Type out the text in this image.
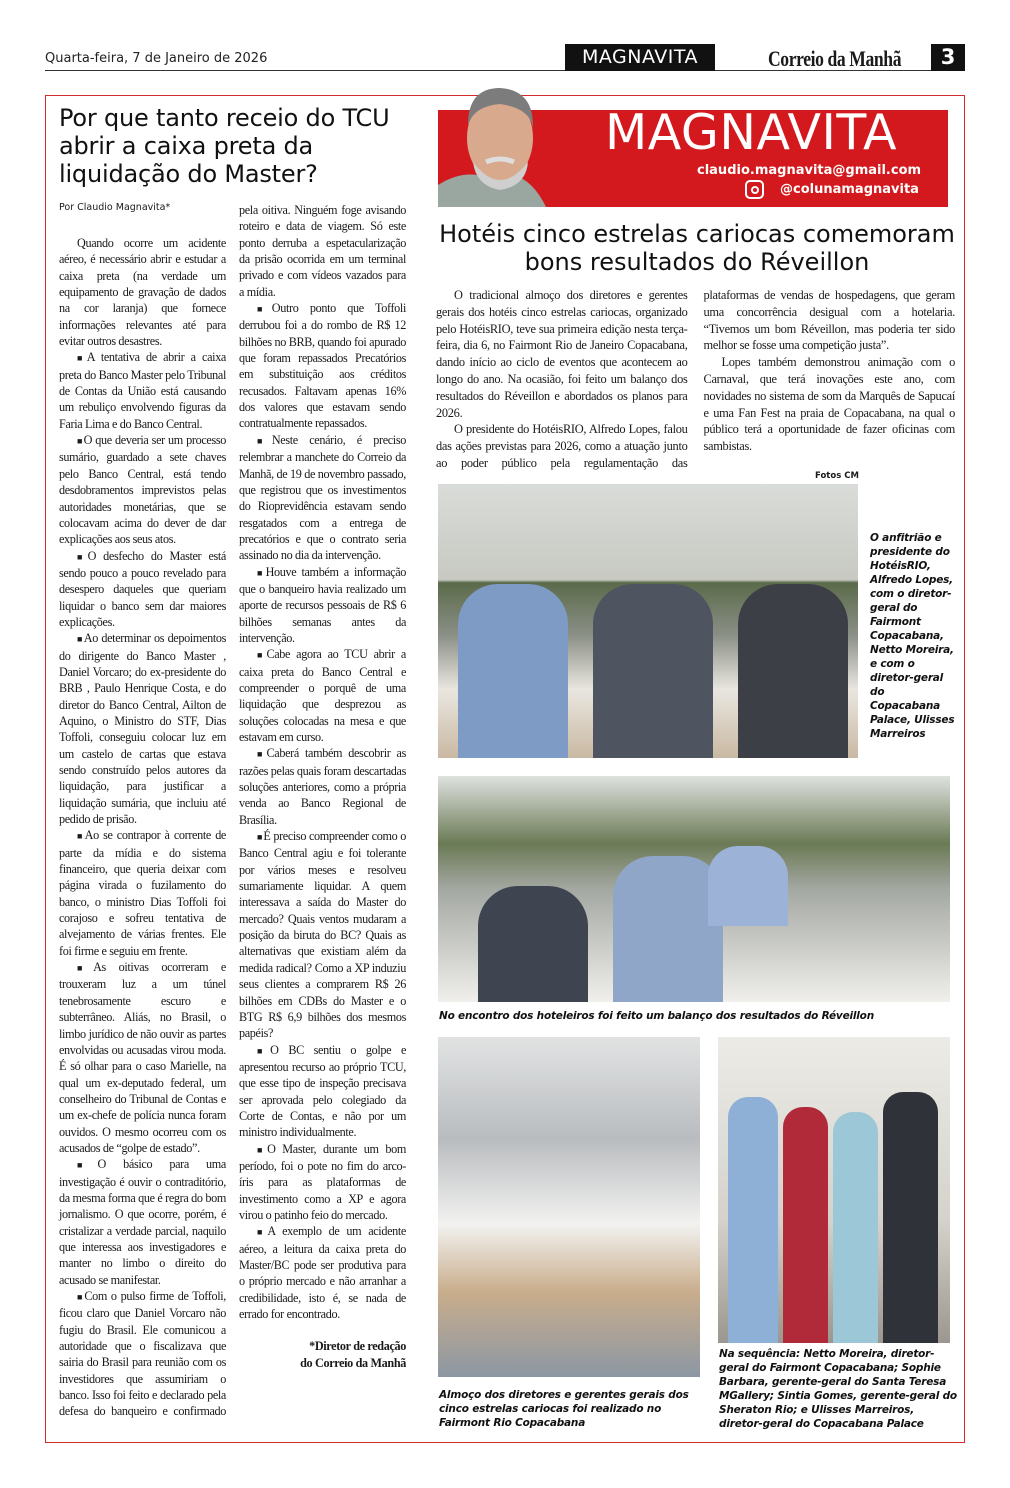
Quarta-feira, 7 de Janeiro de 2026	MAGNAVITA	Correio da Manhã	3
Por que tanto receio do TCU abrir a caixa preta da liquidação do Master?

Por Claudio Magnavita*

Quando ocorre um acidente aéreo, é necessário abrir e estudar a caixa preta (na verdade um equipamento de gravação de dados na cor laranja) que fornece informações relevantes até para evitar outros desastres.

■ A tentativa de abrir a caixa preta do Banco Master pelo Tribunal de Contas da União está causando um rebuliço envolvendo figuras da Faria Lima e do Banco Central.

■ O que deveria ser um processo sumário, guardado a sete chaves pelo Banco Central, está tendo desdobramentos imprevistos pelas autoridades monetárias, que se colocavam acima do dever de dar explicações aos seus atos.

■ O desfecho do Master está sendo pouco a pouco revelado para desespero daqueles que queriam liquidar o banco sem dar maiores explicações.

■ Ao determinar os depoimentos do dirigente do Banco Master , Daniel Vorcaro; do ex-presidente do BRB , Paulo Henrique Costa, e do diretor do Banco Central, Ailton de Aquino, o Ministro do STF, Dias Toffoli, conseguiu colocar luz em um castelo de cartas que estava sendo construído pelos autores da liquidação, para justificar a liquidação sumária, que incluiu até pedido de prisão.

■ Ao se contrapor à corrente de parte da mídia e do sistema financeiro, que queria deixar com página virada o fuzilamento do banco, o ministro Dias Toffoli foi corajoso e sofreu tentativa de alvejamento de várias frentes. Ele foi firme e seguiu em frente.

■ As oitivas ocorreram e trouxeram luz a um túnel tenebrosamente escuro e subterrâneo. Aliás, no Brasil, o limbo jurídico de não ouvir as partes envolvidas ou acusadas virou moda. É só olhar para o caso Marielle, na qual um ex-deputado federal, um conselheiro do Tribunal de Contas e um ex-chefe de polícia nunca foram ouvidos. O mesmo ocorreu com os acusados de “golpe de estado”.

■ O básico para uma investigação é ouvir o contraditório, da mesma forma que é regra do bom jornalismo. O que ocorre, porém, é cristalizar a verdade parcial, naquilo que interessa aos investigadores e manter no limbo o direito do acusado se manifestar.

■ Com o pulso firme de Toffoli, ficou claro que Daniel Vorcaro não fugiu do Brasil. Ele comunicou a autoridade que o fiscalizava que sairia do Brasil para reunião com os investidores que assumiriam o banco. Isso foi feito e declarado pela defesa do banqueiro e confirmado pela oitiva. Ninguém foge avisando roteiro e data de viagem. Só este ponto derruba a espetacularização da prisão ocorrida em um terminal privado e com vídeos vazados para a mídia.

■ Outro ponto que Toffoli derrubou foi a do rombo de R$ 12 bilhões no BRB, quando foi apurado que foram repassados Precatórios em substituição aos créditos recusados. Faltavam apenas 16% dos valores que estavam sendo contratualmente repassados.

■ Neste cenário, é preciso relembrar a manchete do Correio da Manhã, de 19 de novembro passado, que registrou que os investimentos do Rioprevidência estavam sendo resgatados com a entrega de precatórios e que o contrato seria assinado no dia da intervenção.

■ Houve também a informação que o banqueiro havia realizado um aporte de recursos pessoais de R$ 6 bilhões semanas antes da intervenção.

■ Cabe agora ao TCU abrir a caixa preta do Banco Central e compreender o porquê de uma liquidação que desprezou as soluções colocadas na mesa e que estavam em curso.

■ Caberá também descobrir as razões pelas quais foram descartadas soluções anteriores, como a própria venda ao Banco Regional de Brasília.

■ É preciso compreender como o Banco Central agiu e foi tolerante por vários meses e resolveu sumariamente liquidar. A quem interessava a saída do Master do mercado? Quais ventos mudaram a posição da biruta do BC? Quais as alternativas que existiam além da medida radical? Como a XP induziu seus clientes a comprarem R$ 26 bilhões em CDBs do Master e o BTG R$ 6,9 bilhões dos mesmos papéis?

■ O BC sentiu o golpe e apresentou recurso ao próprio TCU, que esse tipo de inspeção precisava ser aprovada pelo colegiado da Corte de Contas, e não por um ministro individualmente.

■ O Master, durante um bom período, foi o pote no fim do arco-íris para as plataformas de investimento como a XP e agora virou o patinho feio do mercado.

■ A exemplo de um acidente aéreo, a leitura da caixa preta do Master/BC pode ser produtiva para o próprio mercado e não arranhar a credibilidade, isto é, se nada de errado for encontrado.

*Diretor de redação
do Correio da Manhã

MAGNAVITA
claudio.magnavita@gmail.com
@colunamagnavita
Hotéis cinco estrelas cariocas comemoram bons resultados do Réveillon

O tradicional almoço dos diretores e gerentes gerais dos hotéis cinco estrelas cariocas, organizado pelo HotéisRIO, teve sua primeira edição nesta terça-feira, dia 6, no Fairmont Rio de Janeiro Copacabana, dando início ao ciclo de eventos que acontecem ao longo do ano. Na ocasião, foi feito um balanço dos resultados do Réveillon e abordados os planos para 2026.

O presidente do HotéisRIO, Alfredo Lopes, falou das ações previstas para 2026, como a atuação junto ao poder público pela regulamentação das plataformas de vendas de hospedagens, que geram uma concorrência desigual com a hotelaria. “Tivemos um bom Réveillon, mas poderia ter sido melhor se fosse uma competição justa”.

Lopes também demonstrou animação com o Carnaval, que terá inovações este ano, com novidades no sistema de som da Marquês de Sapucaí e uma Fan Fest na praia de Copacabana, na qual o público terá a oportunidade de fazer oficinas com sambistas.

Fotos CM
O anfitrião e presidente do HotéisRIO, Alfredo Lopes, com o diretor-geral do Fairmont Copacabana, Netto Moreira, e com o diretor-geral do Copacabana Palace, Ulisses Marreiros
No encontro dos hoteleiros foi feito um balanço dos resultados do Réveillon
Almoço dos diretores e gerentes gerais dos cinco estrelas cariocas foi realizado no Fairmont Rio Copacabana
Na sequência: Netto Moreira, diretor-geral do Fairmont Copacabana; Sophie Barbara, gerente-geral do Santa Teresa MGallery; Sintia Gomes, gerente-geral do Sheraton Rio; e Ulisses Marreiros, diretor-geral do Copacabana Palace
